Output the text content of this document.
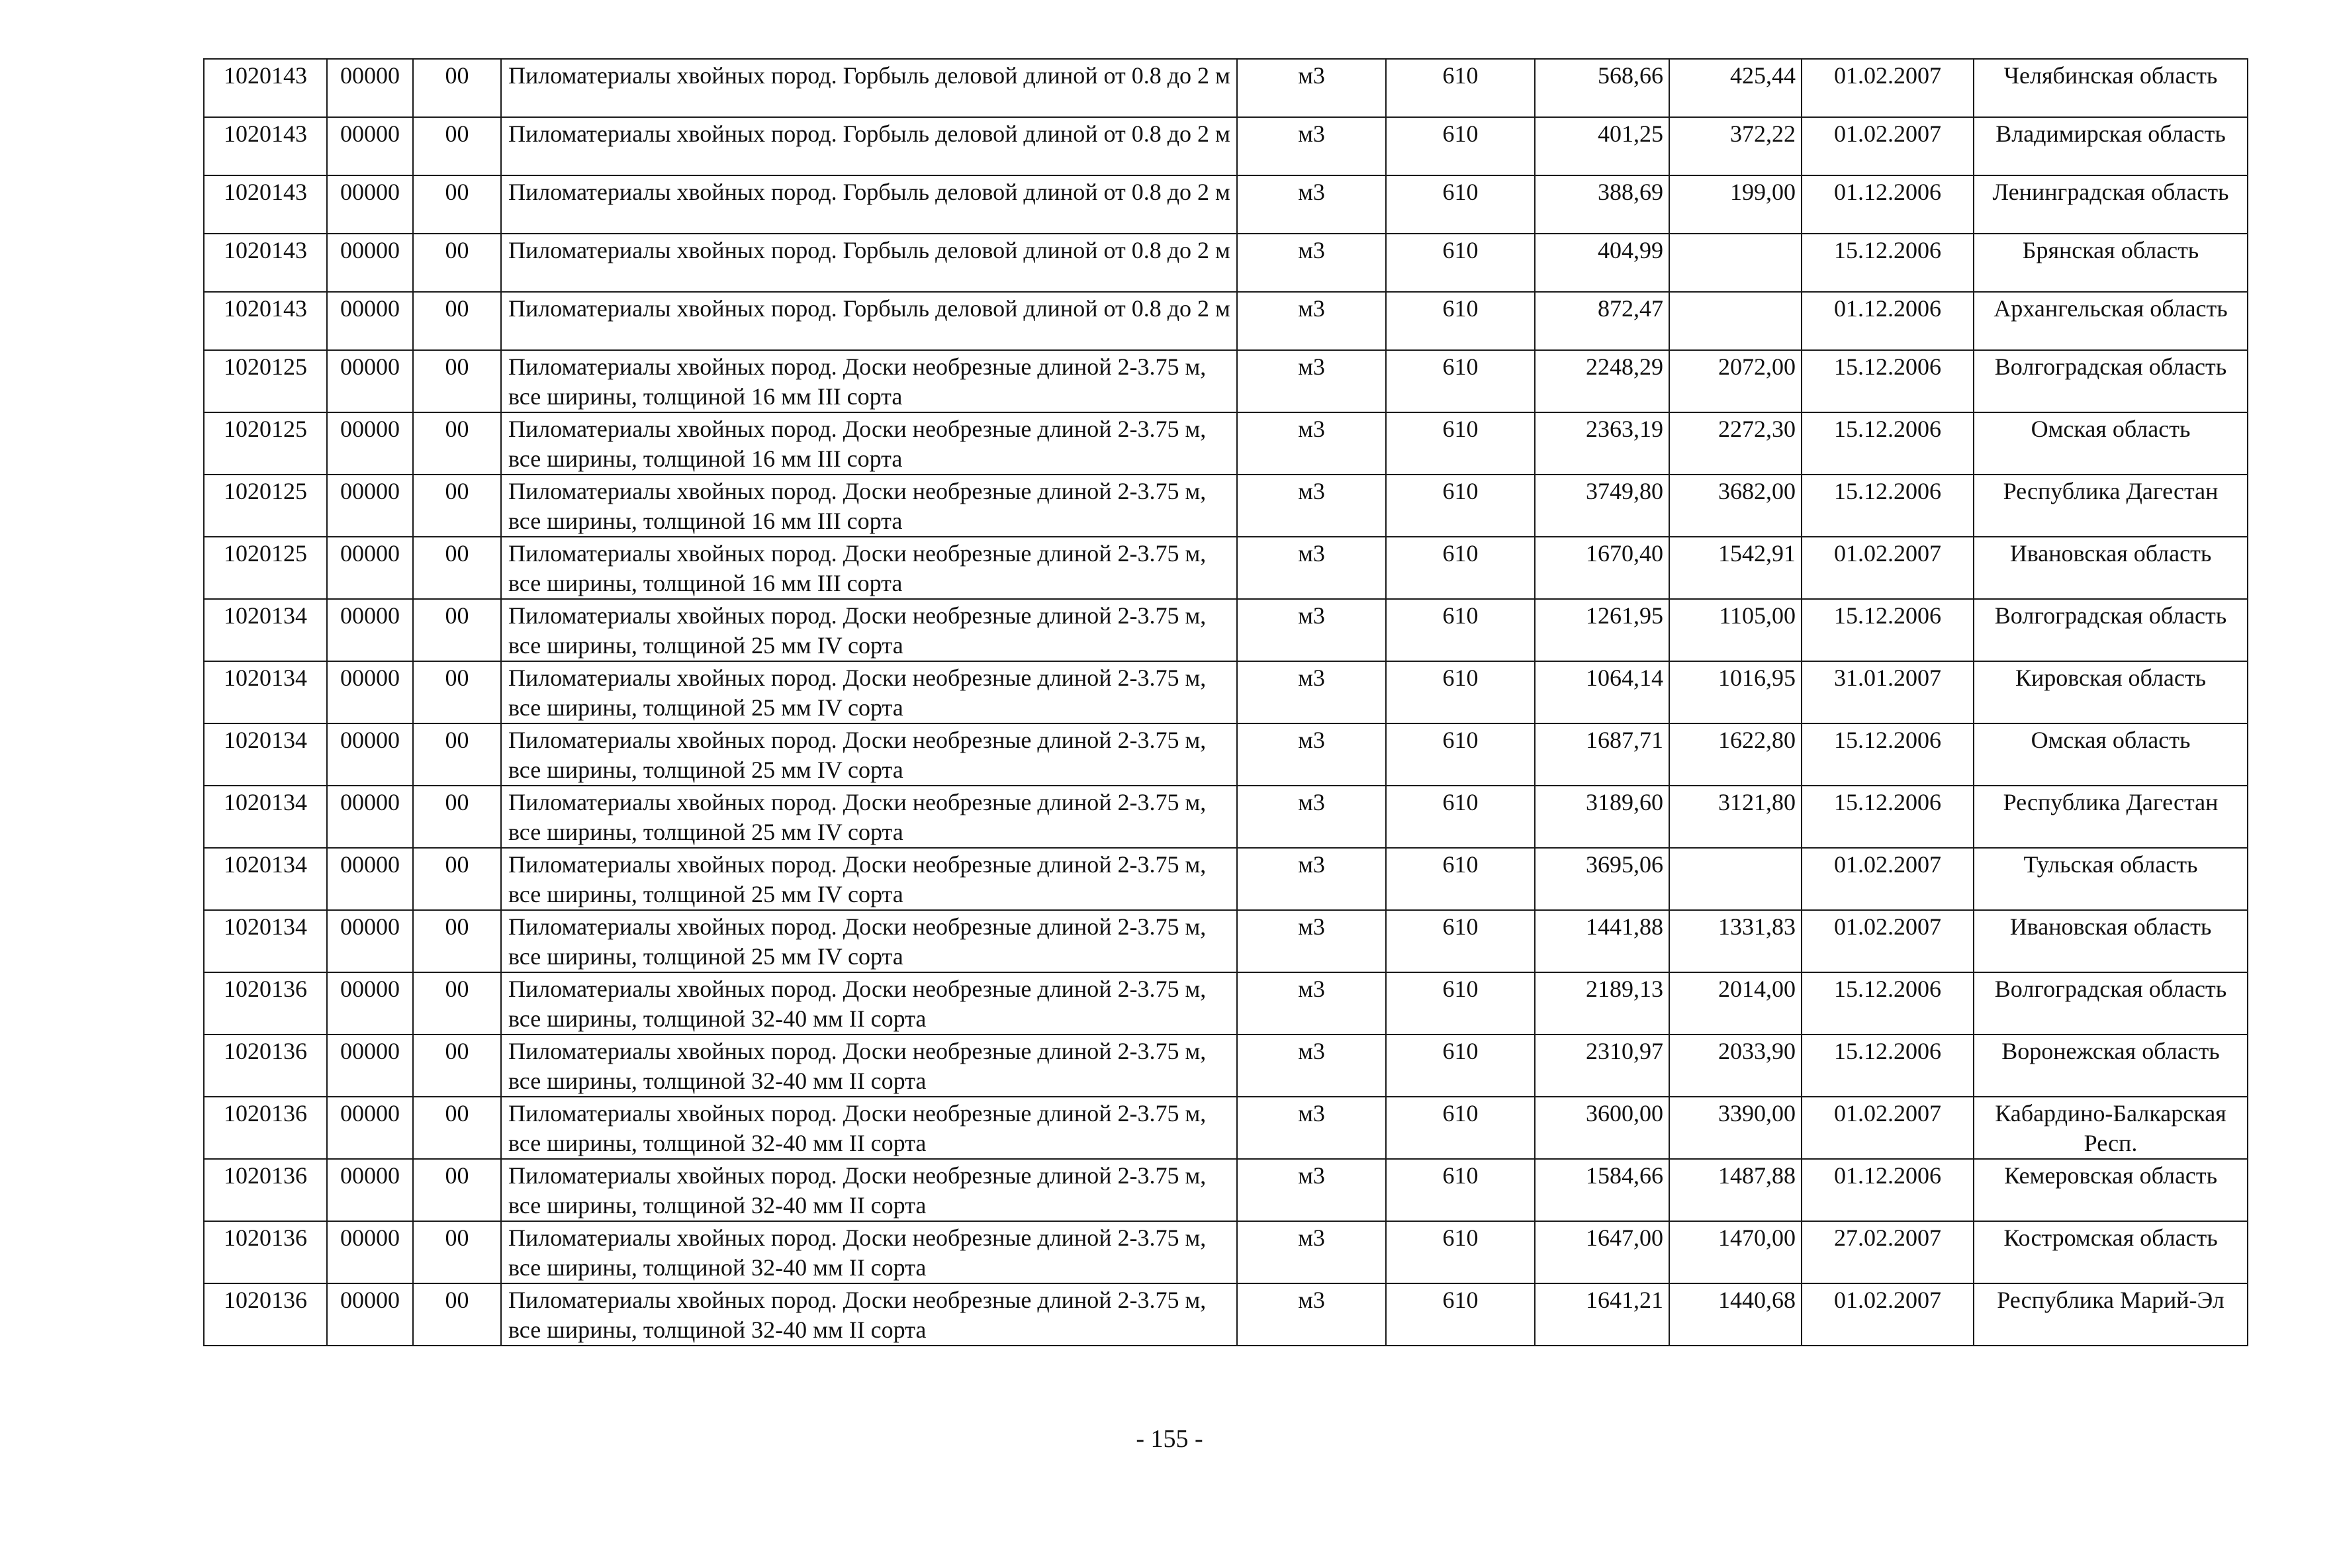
1020143	00000	00	Пиломатериалы хвойных пород. Горбыль деловой длиной от 0.8 до 2 м	м3	610	568,66	425,44	01.02.2007	Челябинская область
1020143	00000	00	Пиломатериалы хвойных пород. Горбыль деловой длиной от 0.8 до 2 м	м3	610	401,25	372,22	01.02.2007	Владимирская область
1020143	00000	00	Пиломатериалы хвойных пород. Горбыль деловой длиной от 0.8 до 2 м	м3	610	388,69	199,00	01.12.2006	Ленинградская область
1020143	00000	00	Пиломатериалы хвойных пород. Горбыль деловой длиной от 0.8 до 2 м	м3	610	404,99		15.12.2006	Брянская область
1020143	00000	00	Пиломатериалы хвойных пород. Горбыль деловой длиной от 0.8 до 2 м	м3	610	872,47		01.12.2006	Архангельская область
1020125	00000	00	Пиломатериалы хвойных пород. Доски необрезные длиной 2-3.75 м, все ширины, толщиной 16 мм III сорта	м3	610	2248,29	2072,00	15.12.2006	Волгоградская область
1020125	00000	00	Пиломатериалы хвойных пород. Доски необрезные длиной 2-3.75 м, все ширины, толщиной 16 мм III сорта	м3	610	2363,19	2272,30	15.12.2006	Омская область
1020125	00000	00	Пиломатериалы хвойных пород. Доски необрезные длиной 2-3.75 м, все ширины, толщиной 16 мм III сорта	м3	610	3749,80	3682,00	15.12.2006	Республика Дагестан
1020125	00000	00	Пиломатериалы хвойных пород. Доски необрезные длиной 2-3.75 м, все ширины, толщиной 16 мм III сорта	м3	610	1670,40	1542,91	01.02.2007	Ивановская область
1020134	00000	00	Пиломатериалы хвойных пород. Доски необрезные длиной 2-3.75 м, все ширины, толщиной 25 мм IV сорта	м3	610	1261,95	1105,00	15.12.2006	Волгоградская область
1020134	00000	00	Пиломатериалы хвойных пород. Доски необрезные длиной 2-3.75 м, все ширины, толщиной 25 мм IV сорта	м3	610	1064,14	1016,95	31.01.2007	Кировская область
1020134	00000	00	Пиломатериалы хвойных пород. Доски необрезные длиной 2-3.75 м, все ширины, толщиной 25 мм IV сорта	м3	610	1687,71	1622,80	15.12.2006	Омская область
1020134	00000	00	Пиломатериалы хвойных пород. Доски необрезные длиной 2-3.75 м, все ширины, толщиной 25 мм IV сорта	м3	610	3189,60	3121,80	15.12.2006	Республика Дагестан
1020134	00000	00	Пиломатериалы хвойных пород. Доски необрезные длиной 2-3.75 м, все ширины, толщиной 25 мм IV сорта	м3	610	3695,06		01.02.2007	Тульская область
1020134	00000	00	Пиломатериалы хвойных пород. Доски необрезные длиной 2-3.75 м, все ширины, толщиной 25 мм IV сорта	м3	610	1441,88	1331,83	01.02.2007	Ивановская область
1020136	00000	00	Пиломатериалы хвойных пород. Доски необрезные длиной 2-3.75 м, все ширины, толщиной 32-40 мм II сорта	м3	610	2189,13	2014,00	15.12.2006	Волгоградская область
1020136	00000	00	Пиломатериалы хвойных пород. Доски необрезные длиной 2-3.75 м, все ширины, толщиной 32-40 мм II сорта	м3	610	2310,97	2033,90	15.12.2006	Воронежская область
1020136	00000	00	Пиломатериалы хвойных пород. Доски необрезные длиной 2-3.75 м, все ширины, толщиной 32-40 мм II сорта	м3	610	3600,00	3390,00	01.02.2007	Кабардино-Балкарская Респ.
1020136	00000	00	Пиломатериалы хвойных пород. Доски необрезные длиной 2-3.75 м, все ширины, толщиной 32-40 мм II сорта	м3	610	1584,66	1487,88	01.12.2006	Кемеровская область
1020136	00000	00	Пиломатериалы хвойных пород. Доски необрезные длиной 2-3.75 м, все ширины, толщиной 32-40 мм II сорта	м3	610	1647,00	1470,00	27.02.2007	Костромская область
1020136	00000	00	Пиломатериалы хвойных пород. Доски необрезные длиной 2-3.75 м, все ширины, толщиной 32-40 мм II сорта	м3	610	1641,21	1440,68	01.02.2007	Республика Марий-Эл
- 155 -
